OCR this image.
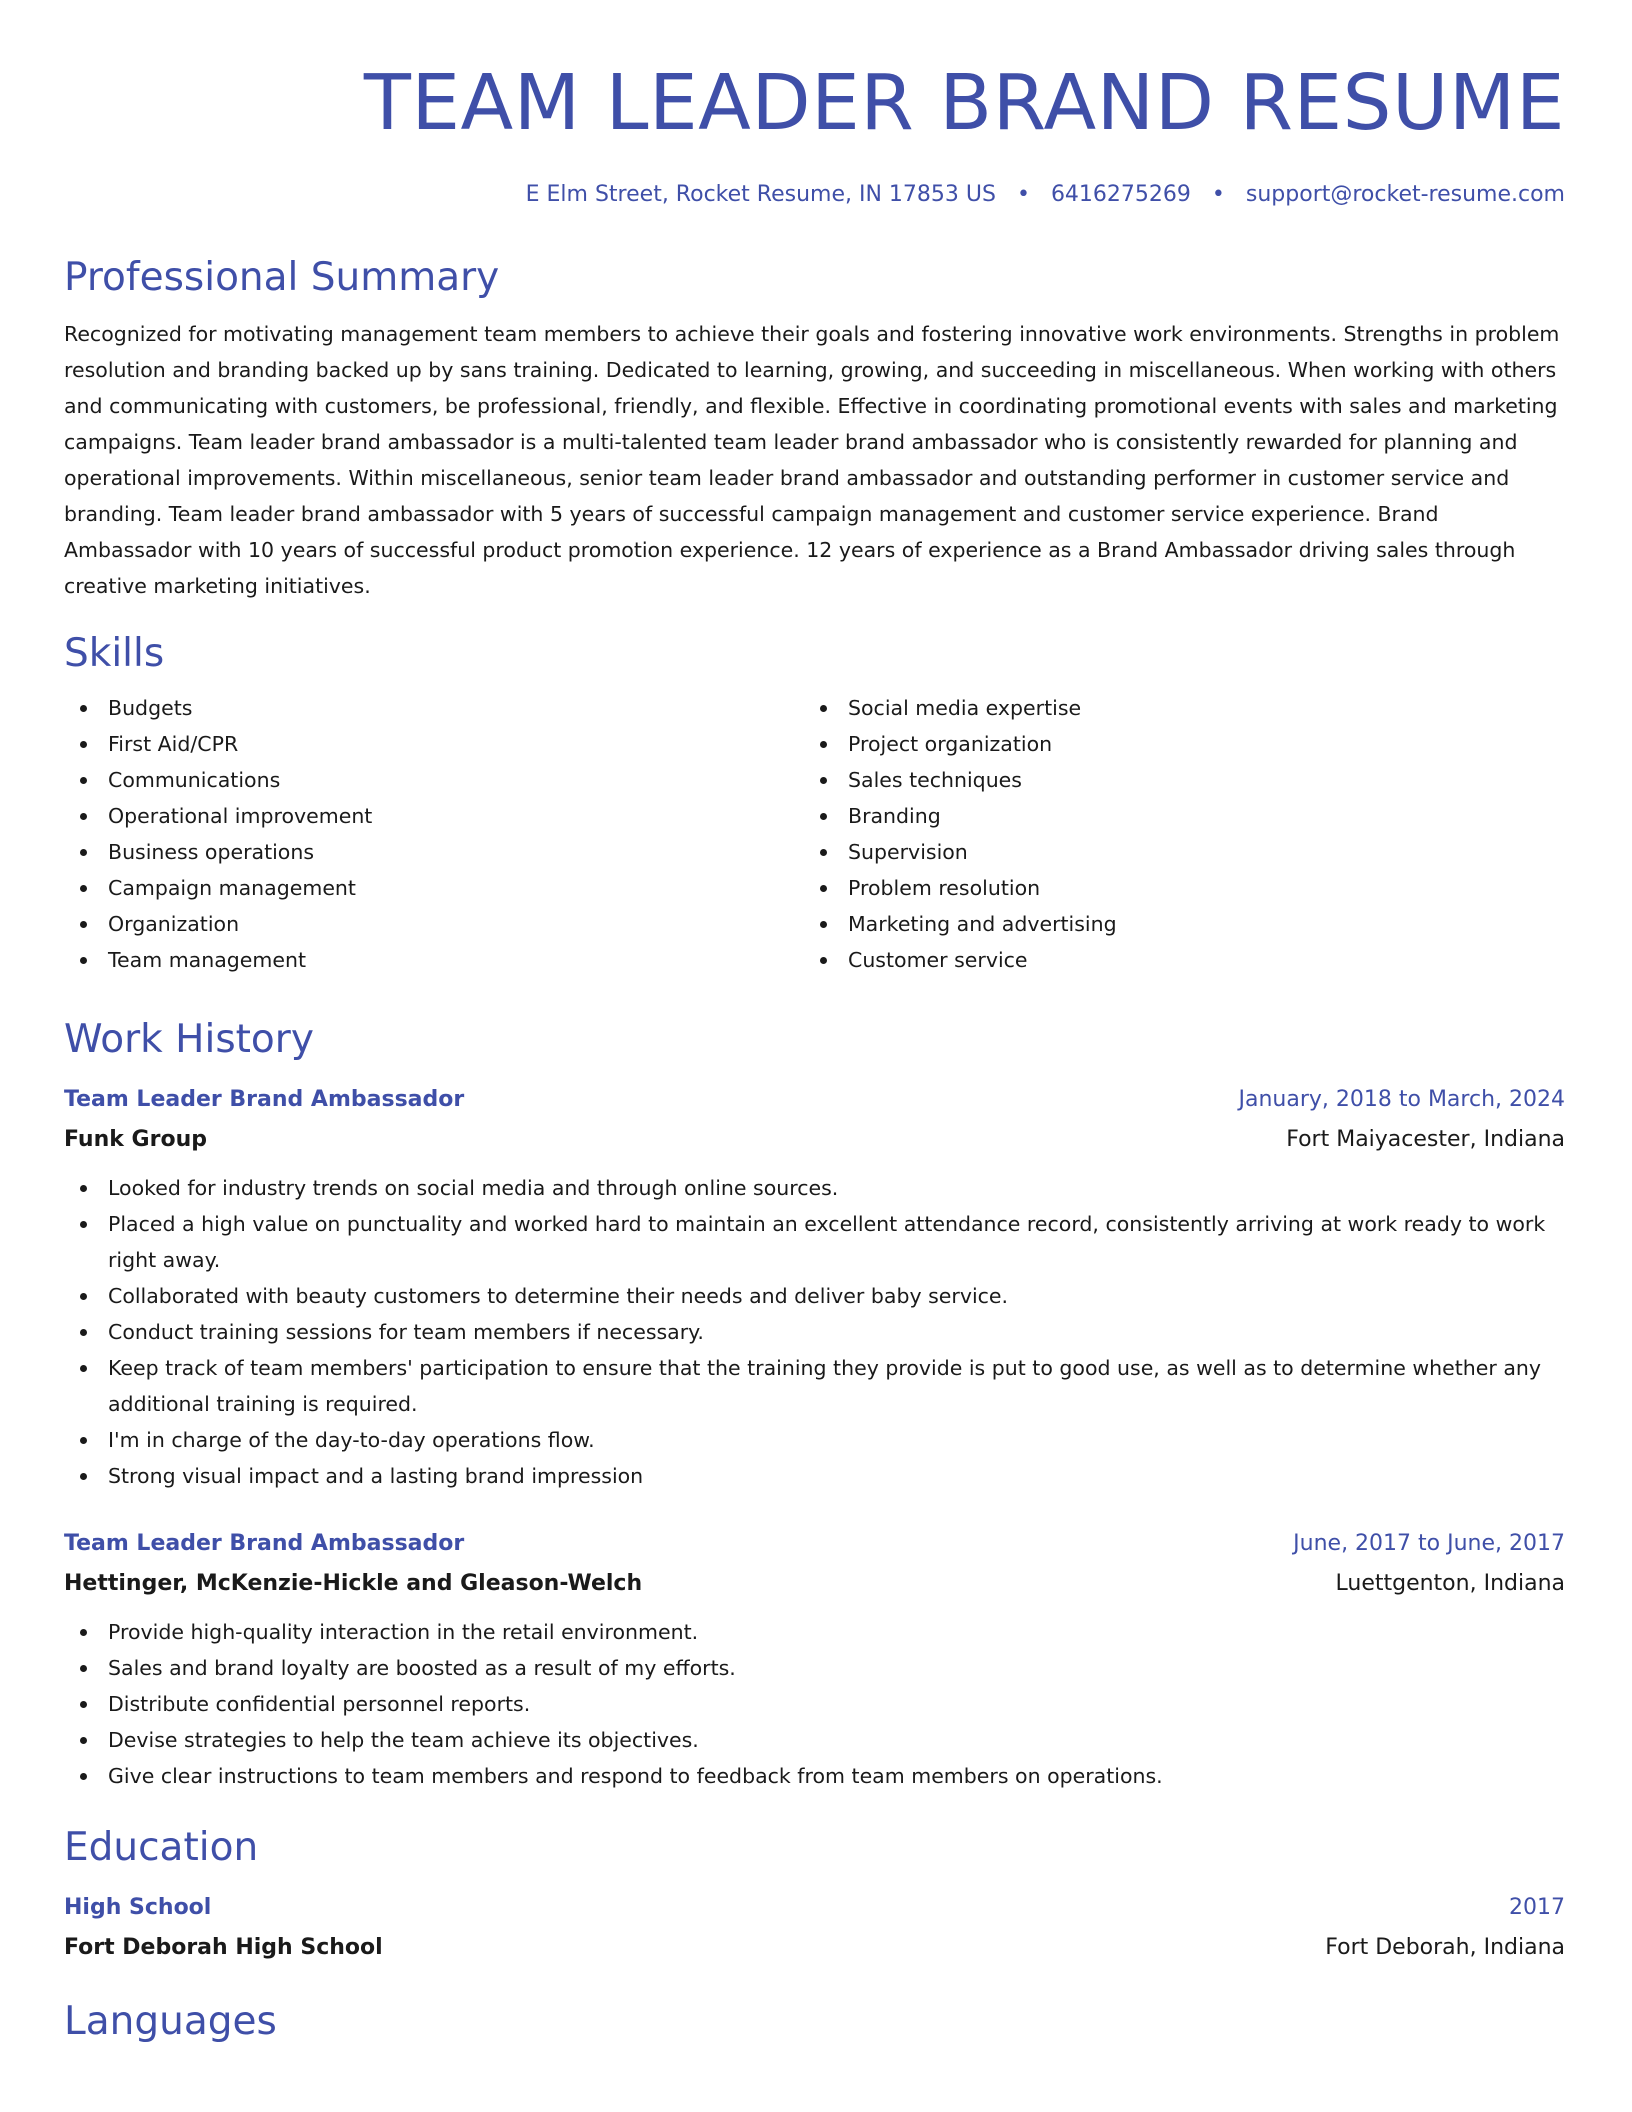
TEAM LEADER BRAND RESUME
E Elm Street, Rocket Resume, IN 17853 US • 6416275269 • support@rocket-resume.com
Professional Summary
Recognized for motivating management team members to achieve their goals and fostering innovative work environments. Strengths in problem resolution and branding backed up by sans training. Dedicated to learning, growing, and succeeding in miscellaneous. When working with others and communicating with customers, be professional, friendly, and flexible. Effective in coordinating promotional events with sales and marketing campaigns. Team leader brand ambassador is a multi-talented team leader brand ambassador who is consistently rewarded for planning and operational improvements. Within miscellaneous, senior team leader brand ambassador and outstanding performer in customer service and branding. Team leader brand ambassador with 5 years of successful campaign management and customer service experience. Brand Ambassador with 10 years of successful product promotion experience. 12 years of experience as a Brand Ambassador driving sales through creative marketing initiatives.
Skills
Budgets
First Aid/CPR
Communications
Operational improvement
Business operations
Campaign management
Organization
Team management
Social media expertise
Project organization
Sales techniques
Branding
Supervision
Problem resolution
Marketing and advertising
Customer service
Work History
Team Leader Brand Ambassador	January, 2018 to March, 2024
Funk Group	Fort Maiyacester, Indiana
Looked for industry trends on social media and through online sources.
Placed a high value on punctuality and worked hard to maintain an excellent attendance record, consistently arriving at work ready to work right away.
Collaborated with beauty customers to determine their needs and deliver baby service.
Conduct training sessions for team members if necessary.
Keep track of team members' participation to ensure that the training they provide is put to good use, as well as to determine whether any additional training is required.
I'm in charge of the day-to-day operations flow.
Strong visual impact and a lasting brand impression
Team Leader Brand Ambassador	June, 2017 to June, 2017
Hettinger, McKenzie-Hickle and Gleason-Welch	Luettgenton, Indiana
Provide high-quality interaction in the retail environment.
Sales and brand loyalty are boosted as a result of my efforts.
Distribute confidential personnel reports.
Devise strategies to help the team achieve its objectives.
Give clear instructions to team members and respond to feedback from team members on operations.
Education
High School	2017
Fort Deborah High School	Fort Deborah, Indiana
Languages
